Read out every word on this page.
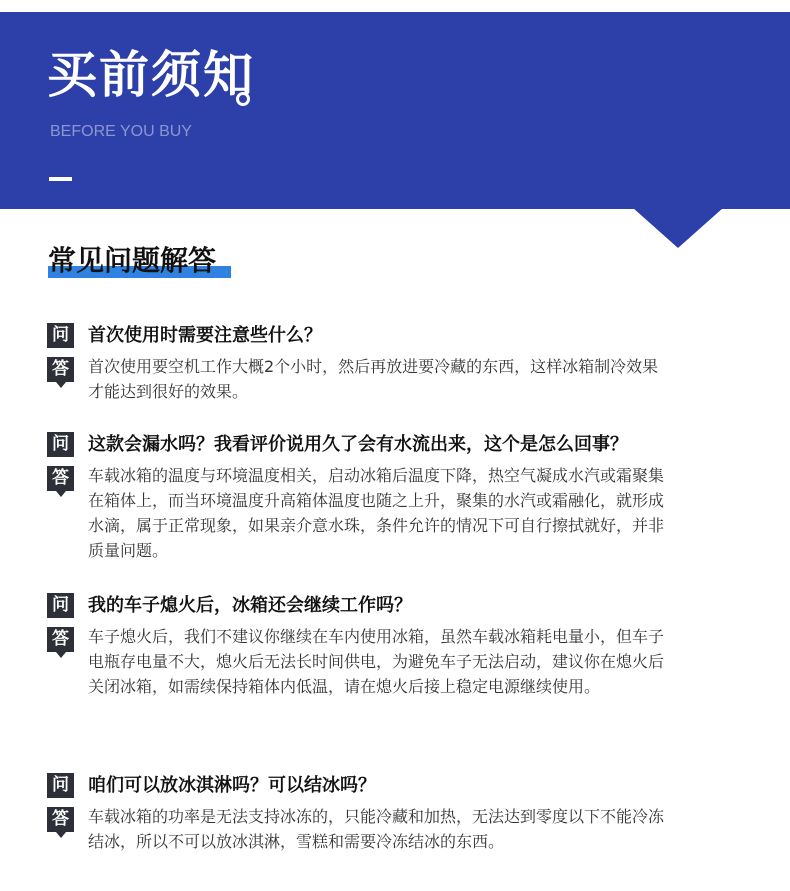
买前须知
BEFORE YOU BUY
常见问题解答
问 首次使用时需要注意些什么？
答	首次使用要空机工作大概2个小时，然后再放进要冷藏的东西，这样冰箱制冷效果才能达到很好的效果。
问 这款会漏水吗？我看评价说用久了会有水流出来，这个是怎么回事？
答	车载冰箱的温度与环境温度相关，启动冰箱后温度下降，热空气凝成水汽或霜聚集在箱体上，而当环境温度升高箱体温度也随之上升，聚集的水汽或霜融化，就形成水滴，属于正常现象，如果亲介意水珠，条件允许的情况下可自行擦拭就好，并非质量问题。
问 我的车子熄火后，冰箱还会继续工作吗？
答	车子熄火后，我们不建议你继续在车内使用冰箱，虽然车载冰箱耗电量小，但车子电瓶存电量不大，熄火后无法长时间供电，为避免车子无法启动，建议你在熄火后关闭冰箱，如需续保持箱体内低温，请在熄火后接上稳定电源继续使用。
问 咱们可以放冰淇淋吗？可以结冰吗？
答	车载冰箱的功率是无法支持冰冻的，只能冷藏和加热，无法达到零度以下不能冷冻结冰，所以不可以放冰淇淋，雪糕和需要冷冻结冰的东西。
